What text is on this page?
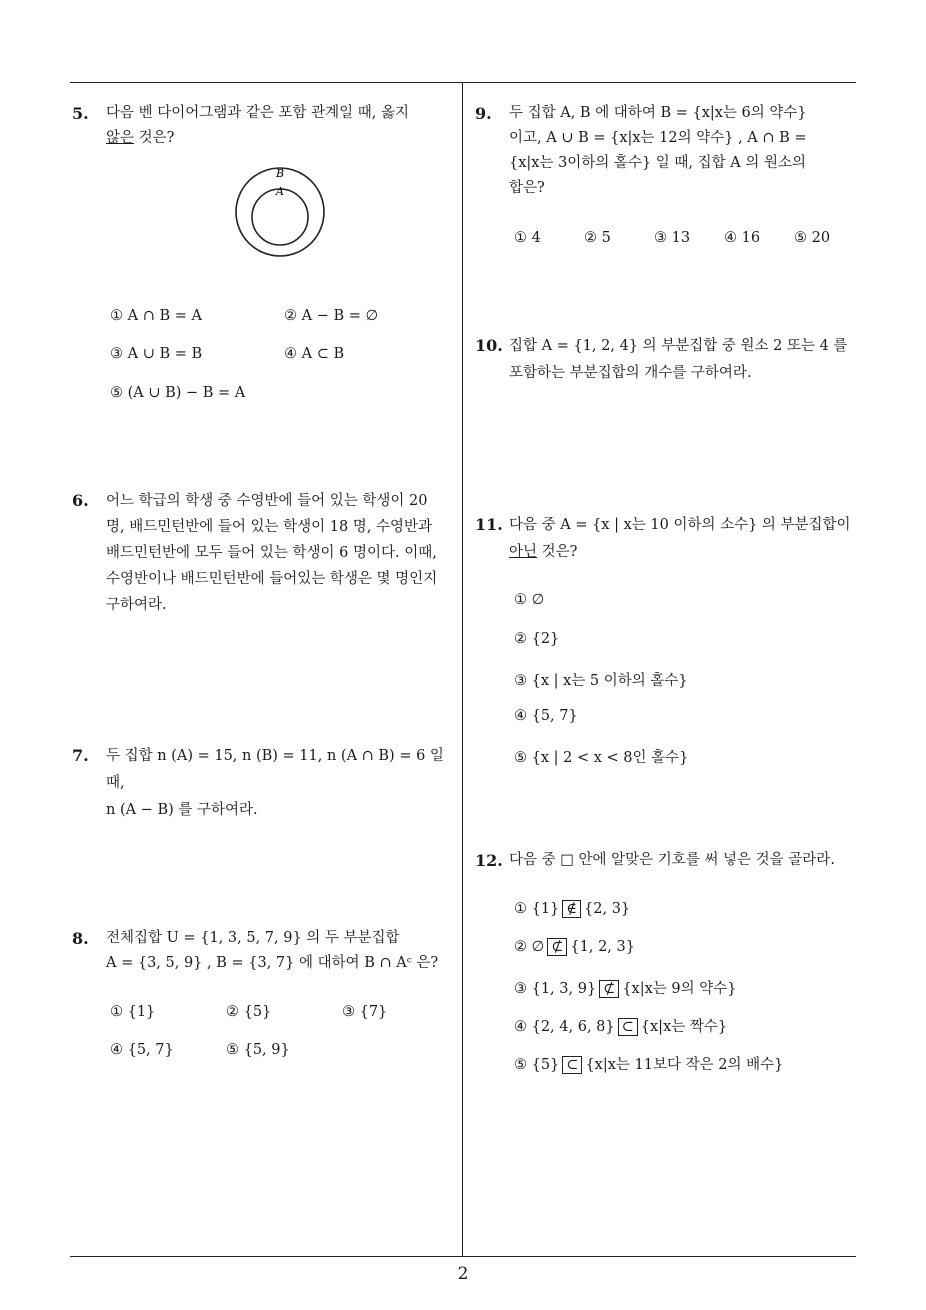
5. 다음 벤 다이어그램과 같은 포함 관계일 때, 옳지
않은 것은?
B
A
① A ∩ B = A	② A − B = ∅
③ A ∪ B = B	④ A ⊂ B
⑤ (A ∪ B) − B = A
6. 어느 학급의 학생 중 수영반에 들어 있는 학생이 20
명, 배드민턴반에 들어 있는 학생이 18 명, 수영반과
배드민턴반에 모두 들어 있는 학생이 6 명이다. 이때,
수영반이나 배드민턴반에 들어있는 학생은 몇 명인지
구하여라.
7. 두 집합 n (A) = 15, n (B) = 11, n (A ∩ B) = 6 일 때,
n (A − B) 를 구하여라.
8. 전체집합 U = {1, 3, 5, 7, 9} 의 두 부분집합
A = {3, 5, 9} , B = {3, 7} 에 대하여 B ∩ Aᶜ 은?
① {1}	② {5}	③ {7}
④ {5, 7}	⑤ {5, 9}
9. 두 집합 A, B 에 대하여 B = {x|x는 6의 약수}
이고, A ∪ B = {x|x는 12의 약수} , A ∩ B =
{x|x는 3이하의 홀수} 일 때, 집합 A 의 원소의
합은?
① 4	② 5	③ 13 ④ 16 ⑤ 20
10. 집합 A = {1, 2, 4} 의 부분집합 중 원소 2 또는 4 를
포함하는 부분집합의 개수를 구하여라.
11. 다음 중 A = {x | x는 10 이하의 소수} 의 부분집합이
아닌 것은?
① ∅
② {2}
③ {x | x는 5 이하의 홀수}
④ {5, 7}
⑤ {x | 2 < x < 8인 홀수}
12. 다음 중 □ 안에 알맞은 기호를 써 넣은 것을 골라라.
① {1} ∉ {2, 3}
② ∅ ⊄ {1, 2, 3}
③ {1, 3, 9} ⊄ {x|x는 9의 약수}
④ {2, 4, 6, 8} ⊂ {x|x는 짝수}
⑤ {5} ⊂ {x|x는 11보다 작은 2의 배수}
2
